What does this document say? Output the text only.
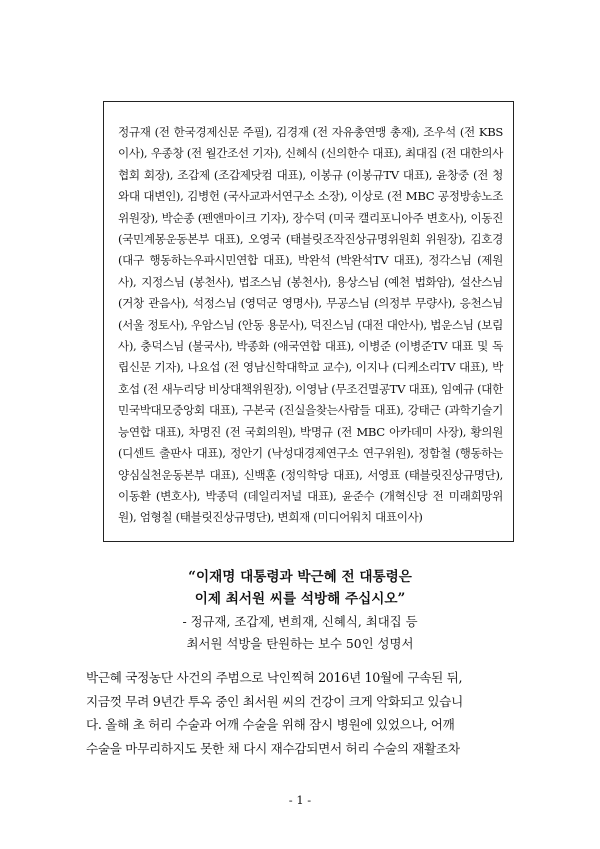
정규재 (전 한국경제신문 주필), 김경재 (전 자유총연맹 총재), 조우석 (전 KBS 이사), 우종창 (전 월간조선 기자), 신혜식 (신의한수 대표), 최대집 (전 대한의사협회 회장), 조갑제 (조갑제닷컴 대표), 이봉규 (이봉규TV 대표), 윤창중 (전 청와대 대변인), 김병헌 (국사교과서연구소 소장), 이상로 (전 MBC 공정방송노조 위원장), 박순종 (펜앤마이크 기자), 장수덕 (미국 캘리포니아주 변호사), 이동진 (국민계몽운동본부 대표), 오영국 (태블릿조작진상규명위원회 위원장), 김호경 (대구 행동하는우파시민연합 대표), 박완석 (박완석TV 대표), 정각스님 (제원사), 지정스님 (봉천사), 법조스님 (봉천사), 용상스님 (예천 법화암), 설산스님 (거창 관음사), 석정스님 (영덕군 영명사), 무공스님 (의정부 무량사), 응천스님 (서울 정토사), 우암스님 (안동 용문사), 덕진스님 (대전 대안사), 법운스님 (보림사), 충덕스님 (불국사), 박종화 (애국연합 대표), 이병준 (이병준TV 대표 및 독립신문 기자), 나요섭 (전 영남신학대학교 교수), 이지나 (디케소리TV 대표), 박호섭 (전 새누리당 비상대책위원장), 이영남 (무조건멸공TV 대표), 임예규 (대한민국박대모중앙회 대표), 구본국 (진실을찾는사람들 대표), 강태근 (과학기술기능연합 대표), 차명진 (전 국회의원), 박명규 (전 MBC 아카데미 사장), 황의원 (디센트 출판사 대표), 정안기 (낙성대경제연구소 연구위원), 정함철 (행동하는양심실천운동본부 대표), 신백훈 (정익학당 대표), 서영표 (태블릿진상규명단), 이동환 (변호사), 박종덕 (데일리저널 대표), 윤준수 (개혁신당 전 미래희망위원), 엄형칠 (태블릿진상규명단), 변희재 (미디어워치 대표이사)

“이재명 대통령과 박근혜 전 대통령은

이제 최서원 씨를 석방해 주십시오”

- 정규재, 조갑제, 변희재, 신혜식, 최대집 등

최서원 석방을 탄원하는 보수 50인 성명서

박근혜 국정농단 사건의 주범으로 낙인찍혀 2016년 10월에 구속된 뒤,
지금껏 무려 9년간 투옥 중인 최서원 씨의 건강이 크게 악화되고 있습니
다. 올해 초 허리 수술과 어깨 수술을 위해 잠시 병원에 있었으나, 어깨
수술을 마무리하지도 못한 채 다시 재수감되면서 허리 수술의 재활조차

- 1 -
